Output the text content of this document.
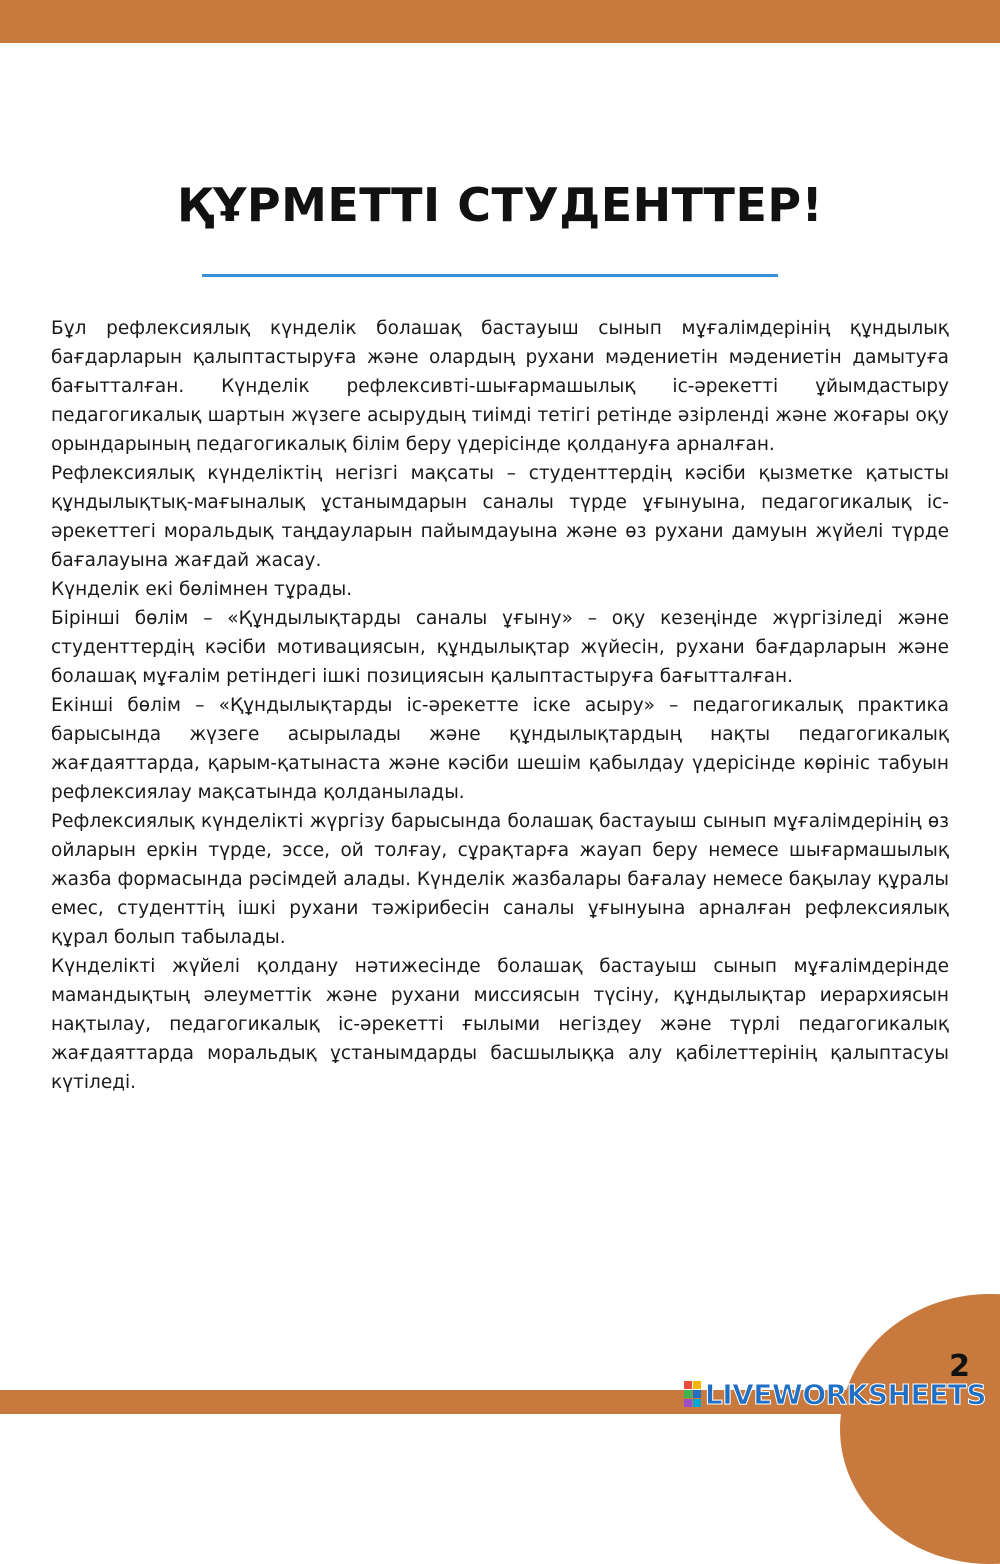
ҚҰРМЕТТІ СТУДЕНТТЕР!

Бұл рефлексиялық күнделік болашақ бастауыш сынып мұғалімдерінің құндылық бағдарларын қалыптастыруға және олардың рухани мәдениетін мәдениетін дамытуға бағытталған. Күнделік рефлексивті-шығармашылық іс-әрекетті ұйымдастыру педагогикалық шартын жүзеге асырудың тиімді тетігі ретінде әзірленді және жоғары оқу орындарының педагогикалық білім беру үдерісінде қолдануға арналған.

Рефлексиялық күнделіктің негізгі мақсаты – студенттердің кәсіби қызметке қатысты құндылықтық-мағыналық ұстанымдарын саналы түрде ұғынуына, педагогикалық іс-әрекеттегі моральдық таңдауларын пайымдауына және өз рухани дамуын жүйелі түрде бағалауына жағдай жасау.

Күнделік екі бөлімнен тұрады.

Бірінші бөлім – «Құндылықтарды саналы ұғыну» – оқу кезеңінде жүргізіледі және студенттердің кәсіби мотивациясын, құндылықтар жүйесін, рухани бағдарларын және болашақ мұғалім ретіндегі ішкі позициясын қалыптастыруға бағытталған.

Екінші бөлім – «Құндылықтарды іс-әрекетте іске асыру» – педагогикалық практика барысында жүзеге асырылады және құндылықтардың нақты педагогикалық жағдаяттарда, қарым-қатынаста және кәсіби шешім қабылдау үдерісінде көрініс табуын рефлексиялау мақсатында қолданылады.

Рефлексиялық күнделікті жүргізу барысында болашақ бастауыш сынып мұғалімдерінің өз ойларын еркін түрде, эссе, ой толғау, сұрақтарға жауап беру немесе шығармашылық жазба формасында рәсімдей алады. Күнделік жазбалары бағалау немесе бақылау құралы емес, студенттің ішкі рухани тәжірибесін саналы ұғынуына арналған рефлексиялық құрал болып табылады.

Күнделікті жүйелі қолдану нәтижесінде болашақ бастауыш сынып мұғалімдерінде мамандықтың әлеуметтік және рухани миссиясын түсіну, құндылықтар иерархиясын нақтылау, педагогикалық іс-әрекетті ғылыми негіздеу және түрлі педагогикалық жағдаяттарда моральдық ұстанымдарды басшылыққа алу қабілеттерінің қалыптасуы күтіледі.

2
LIVEWORKSHEETS
